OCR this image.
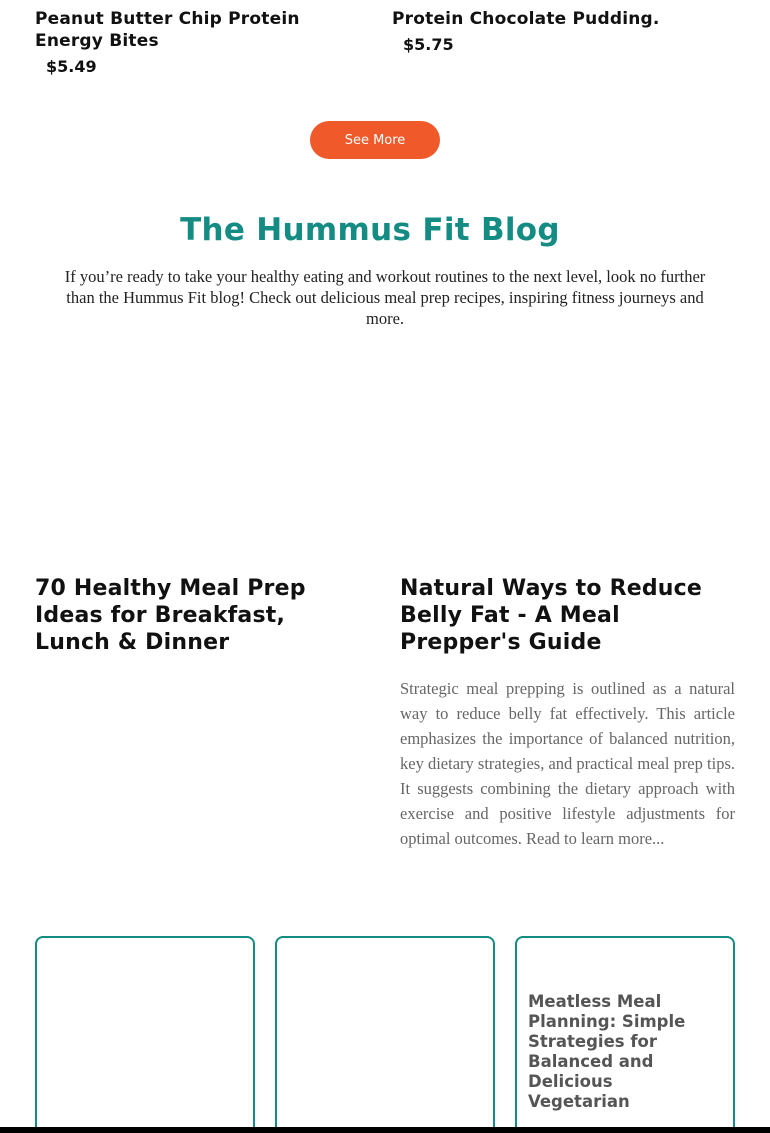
Peanut Butter Chip Protein Energy Bites
$5.49
Protein Chocolate Pudding.
$5.75
See More
The Hummus Fit Blog

If you’re ready to take your healthy eating and workout routines to the next level, look no further than the Hummus Fit blog! Check out delicious meal prep recipes, inspiring fitness journeys and more.

70 Healthy Meal Prep Ideas for Breakfast, Lunch & Dinner
Natural Ways to Reduce Belly Fat - A Meal Prepper's Guide

Strategic meal prepping is outlined as a natural way to reduce belly fat effectively. This article emphasizes the importance of balanced nutrition, key dietary strategies, and practical meal prep tips. It suggests combining the dietary approach with exercise and positive lifestyle adjustments for optimal outcomes. Read to learn more...

Meatless Meal Planning: Simple Strategies for Balanced and Delicious Vegetarian
